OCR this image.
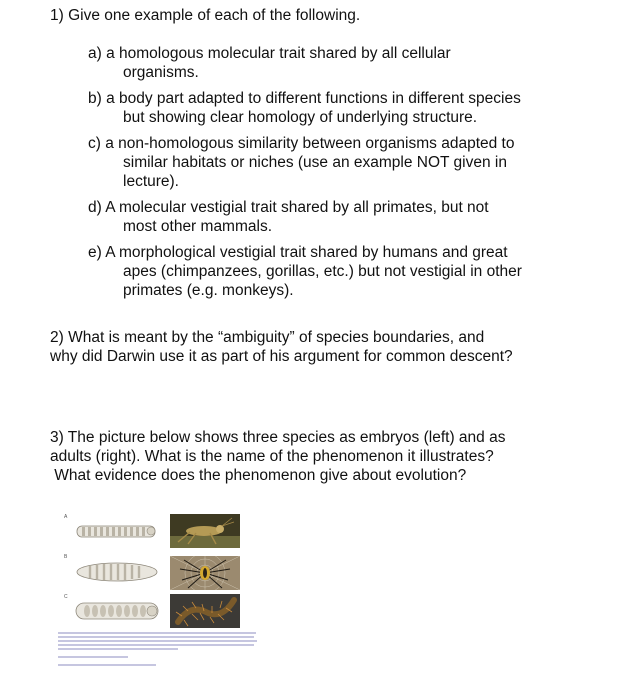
1) Give one example of each of the following.
a) a homologous molecular trait shared by all cellular
organisms.
b) a body part adapted to different functions in different species
but showing clear homology of underlying structure.
c) a non-homologous similarity between organisms adapted to
similar habitats or niches (use an example NOT given in
lecture).
d) A molecular vestigial trait shared by all primates, but not
most other mammals.
e) A morphological vestigial trait shared by humans and great
apes (chimpanzees, gorillas, etc.) but not vestigial in other
primates (e.g. monkeys).
2) What is meant by the “ambiguity” of species boundaries, and
why did Darwin use it as part of his argument for common descent?
3) The picture below shows three species as embryos (left) and as
adults (right). What is the name of the phenomenon it illustrates?
What evidence does the phenomenon give about evolution?
A
B
C
